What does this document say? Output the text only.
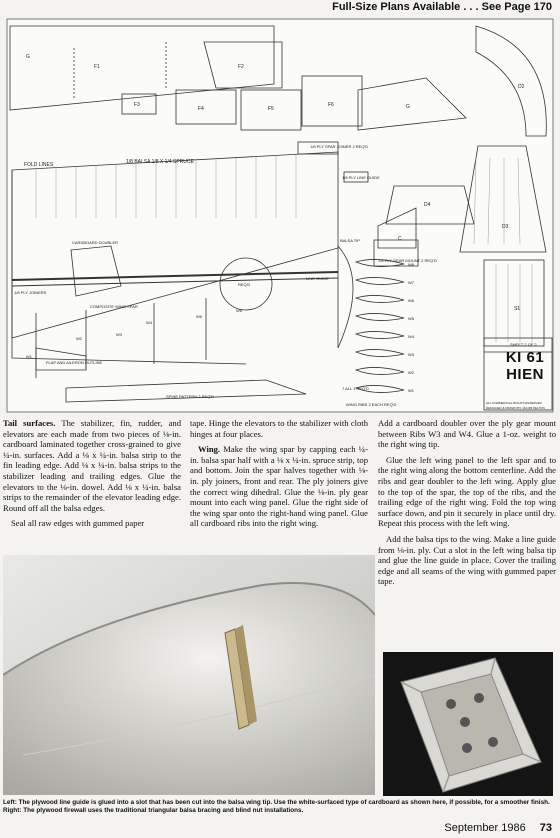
Full-Size Plans Available . . . See Page 170
G
F1	F2
D2
F3
F4	F5
F6
FOLD LINES	1/8 BALSA 1/8 X 1/4 SPRUCE
1/8 PLY SPAR JOINER 2 REQ'D
1/8 PLY LINE GUIDE
D4
D3
C
1/8 PLY GEAR MOUNT 2 REQ'D
CARDBOARD DOUBLER
1/8 PLY JOINERS
COMPOSITE WING SPAR
FLAP AND AILERON OUTLINE
BALSA TIP
LINE GUIDE
REQ'D
S1
SPINE PATTERN 2 REQ'D
WING RIBS 2 EACH REQ'D
7 ALL 1 REQ'D
G
SHEET 2 OF 2
ALL COMMERCIAL RIGHTS RESERVED
DESIGNED & DRAWN BY JACOB PELTON
W8
W7
W6
W5
W4
W3
W2
W1
W1
W2
W3
W4
W5
W6
KI 61 HIEN

Tail surfaces. The stabilizer, fin, rudder, and elevators are each made from two pieces of ⅛-in. cardboard laminated together cross-grained to give ¼-in. surfaces. Add a ⅛ x ¼-in. balsa strip to the fin leading edge. Add ⅛ x ¼-in. balsa strips to the stabilizer leading and trailing edges. Glue the elevators to the ⅛-in. dowel. Add ⅛ x ¼-in. balsa strips to the remainder of the elevator leading edge. Round off all the balsa edges.

Seal all raw edges with gummed paper

tape. Hinge the elevators to the stabilizer with cloth hinges at four places.

Wing. Make the wing spar by capping each ¼-in. balsa spar half with a ⅛ x ¼-in. spruce strip, top and bottom. Join the spar halves together with ⅛-in. ply joiners, front and rear. The ply joiners give the correct wing dihedral. Glue the ⅛-in. ply gear mount into each wing panel. Glue the right side of the wing spar onto the right-hand wing panel. Glue all cardboard ribs into the right wing.

Add a cardboard doubler over the ply gear mount between Ribs W3 and W4. Glue a 1-oz. weight to the right wing tip.

Glue the left wing panel to the left spar and to the right wing along the bottom centerline. Add the ribs and gear doubler to the left wing. Apply glue to the top of the spar, the top of the ribs, and the trailing edge of the right wing. Fold the top wing surface down, and pin it securely in place until dry. Repeat this process with the left wing.

Add the balsa tips to the wing. Make a line guide from ⅛-in. ply. Cut a slot in the left wing balsa tip and glue the line guide in place. Cover the trailing edge and all seams of the wing with gummed paper tape.

Left: The plywood line guide is glued into a slot that has been cut into the balsa wing tip. Use the white-surfaced type of cardboard as shown here, if possible, for a smoother finish. Right: The plywood firewall uses the traditional triangular balsa bracing and blind nut installations.
September 1986 73
